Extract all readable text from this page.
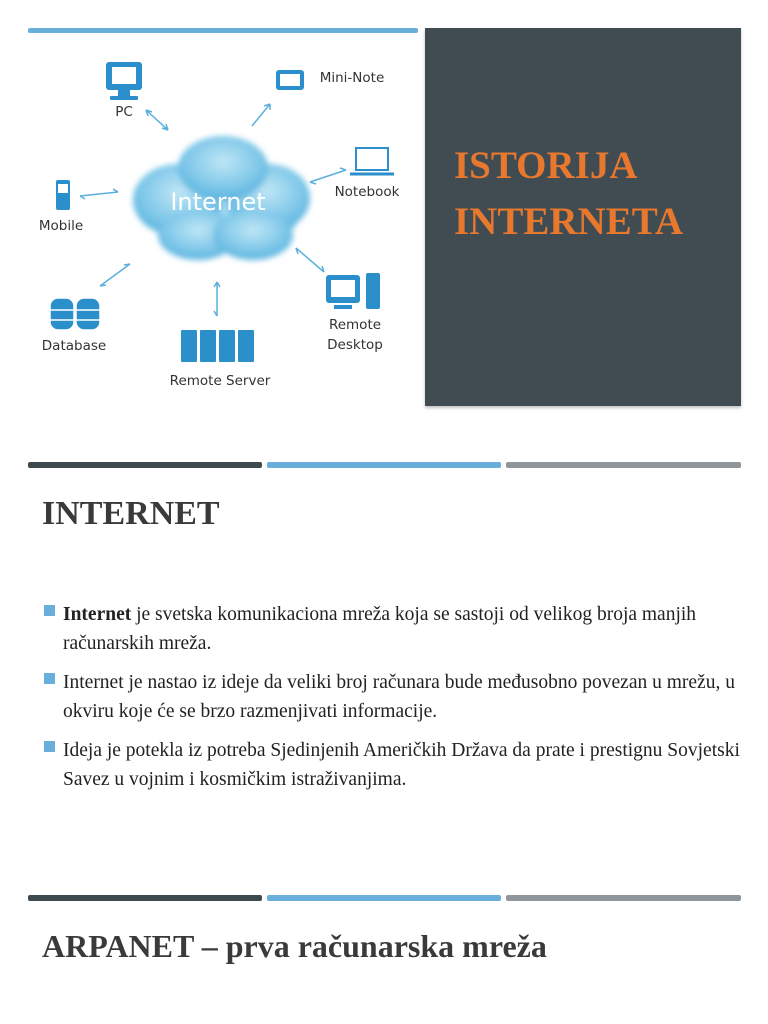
Internet
PC
Mini-Note
Notebook
Mobile
Database
Remote Server
Remote
Desktop
ISTORIJA
INTERNETA
INTERNET
Internet je svetska komunikaciona mreža koja se sastoji od velikog broja manjih računarskih mreža.
Internet je nastao iz ideje da veliki broj računara bude međusobno povezan u mrežu, u okviru koje će se brzo razmenjivati informacije.
Ideja je potekla iz potreba Sjedinjenih Američkih Država da prate i prestignu Sovjetski Savez u vojnim i kosmičkim istraživanjima.
ARPANET – prva računarska mreža
